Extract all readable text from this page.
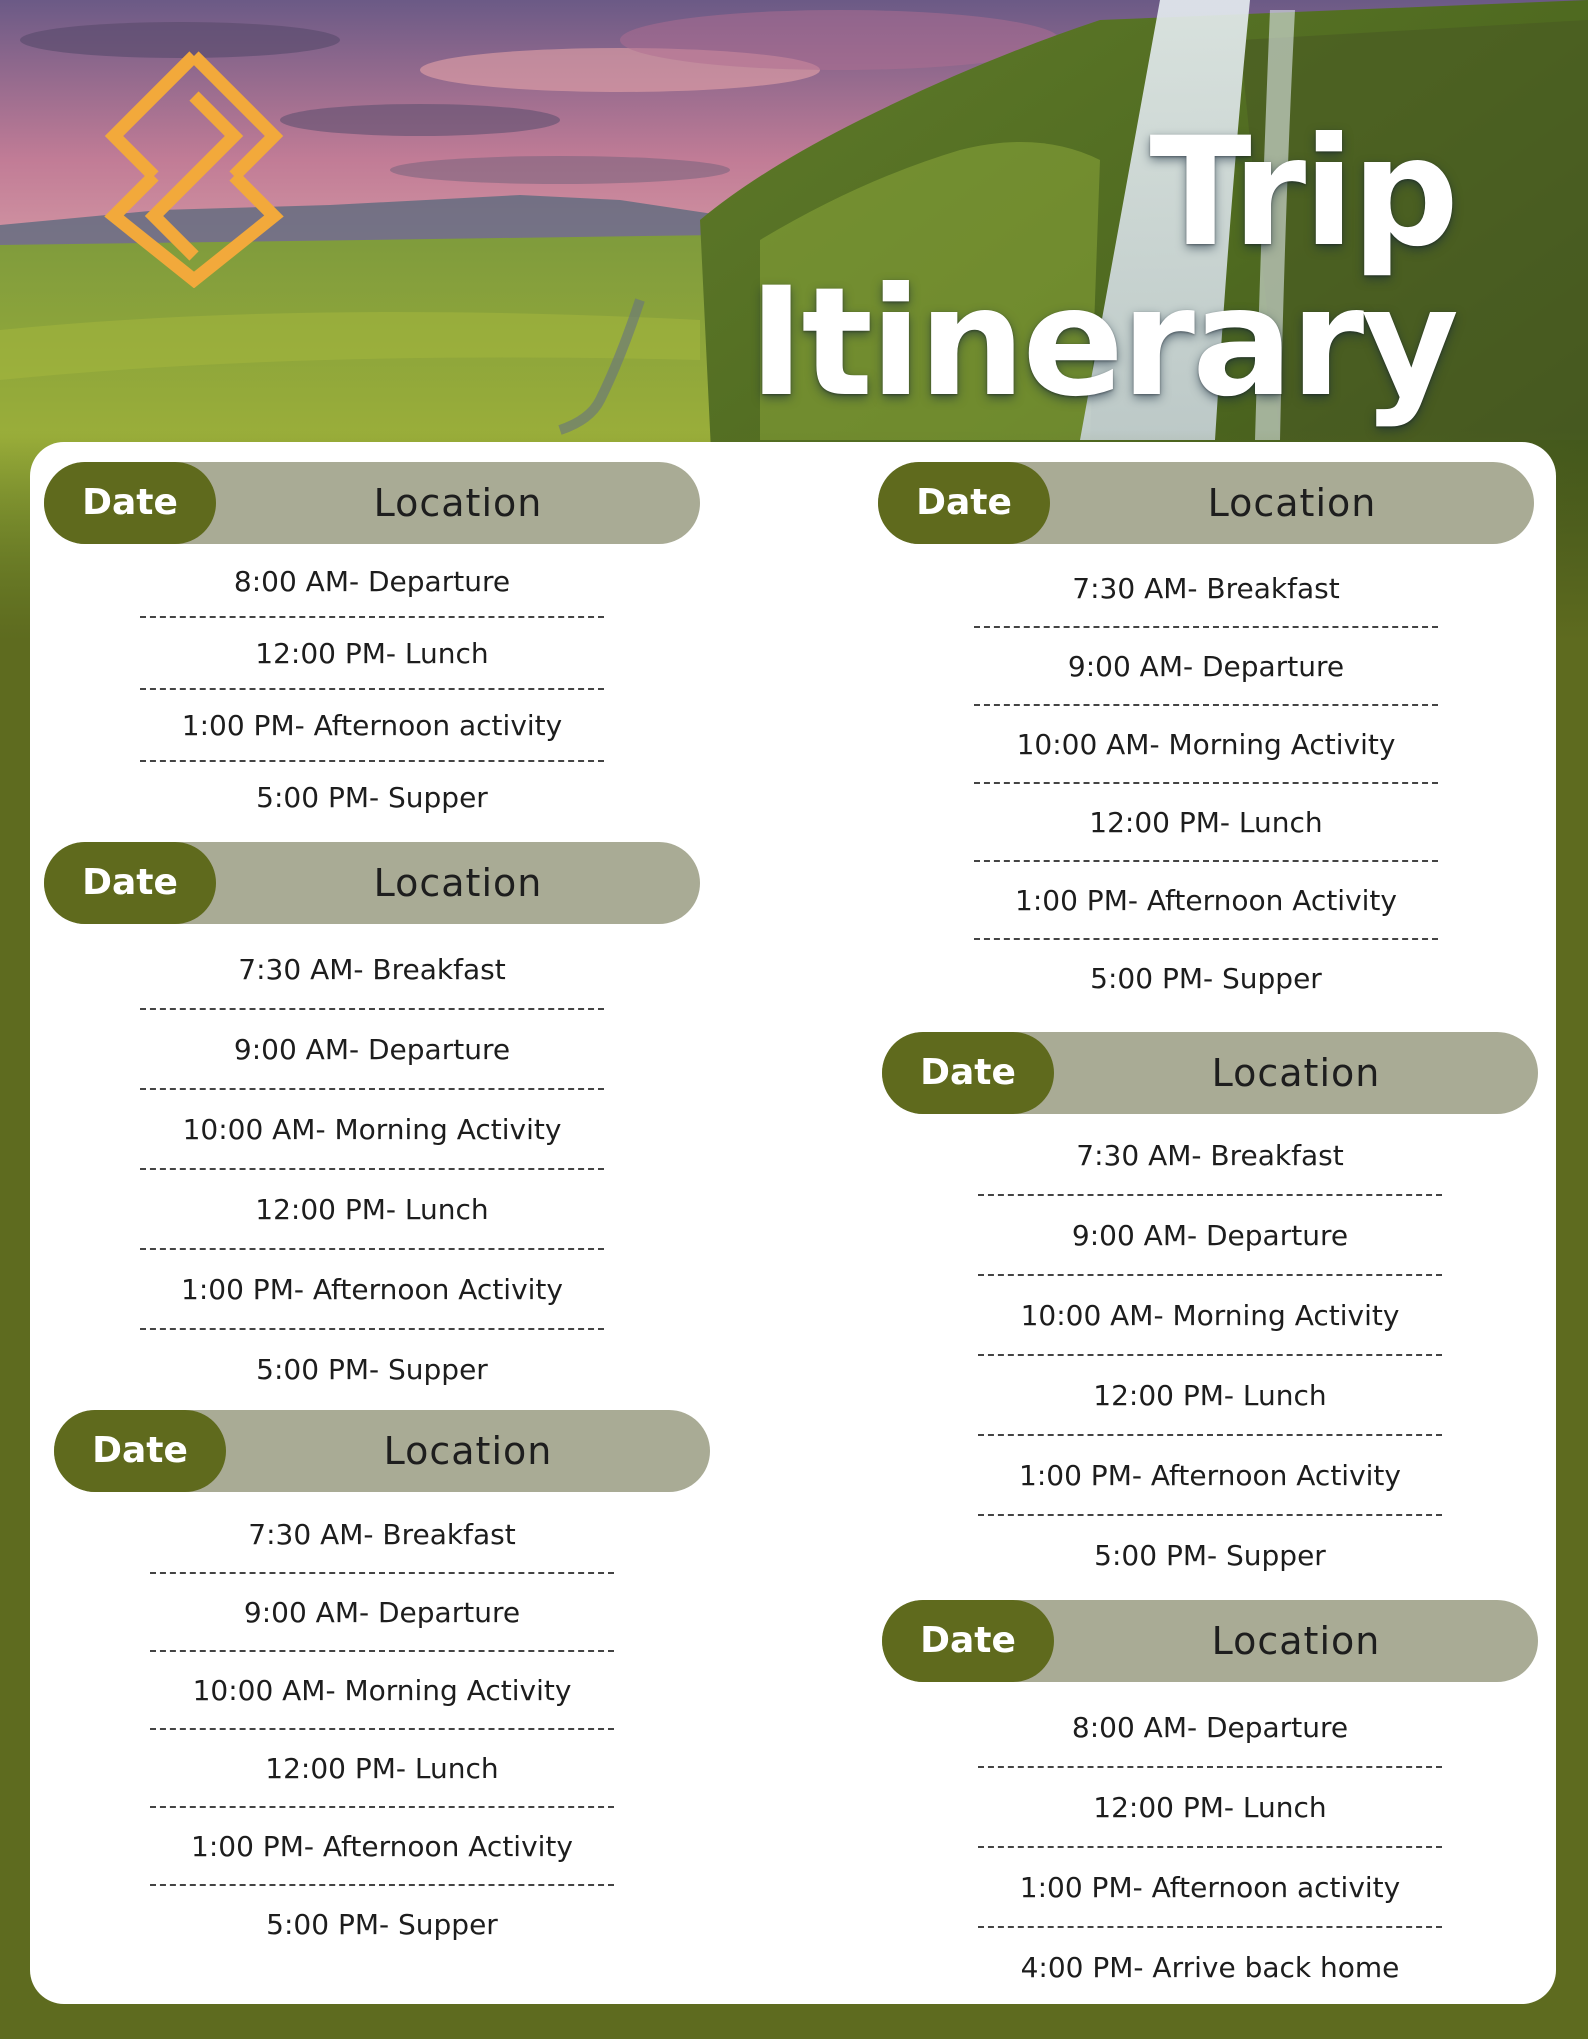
Trip
Itinerary
Date	Location
8:00 AM- Departure
12:00 PM- Lunch
1:00 PM- Afternoon activity
5:00 PM- Supper
Date	Location
7:30 AM- Breakfast
9:00 AM- Departure
10:00 AM- Morning Activity
12:00 PM- Lunch
1:00 PM- Afternoon Activity
5:00 PM- Supper
Date	Location
7:30 AM- Breakfast
9:00 AM- Departure
10:00 AM- Morning Activity
12:00 PM- Lunch
1:00 PM- Afternoon Activity
5:00 PM- Supper
Date	Location
7:30 AM- Breakfast
9:00 AM- Departure
10:00 AM- Morning Activity
12:00 PM- Lunch
1:00 PM- Afternoon Activity
5:00 PM- Supper
Date	Location
7:30 AM- Breakfast
9:00 AM- Departure
10:00 AM- Morning Activity
12:00 PM- Lunch
1:00 PM- Afternoon Activity
5:00 PM- Supper
Date	Location
8:00 AM- Departure
12:00 PM- Lunch
1:00 PM- Afternoon activity
4:00 PM- Arrive back home
